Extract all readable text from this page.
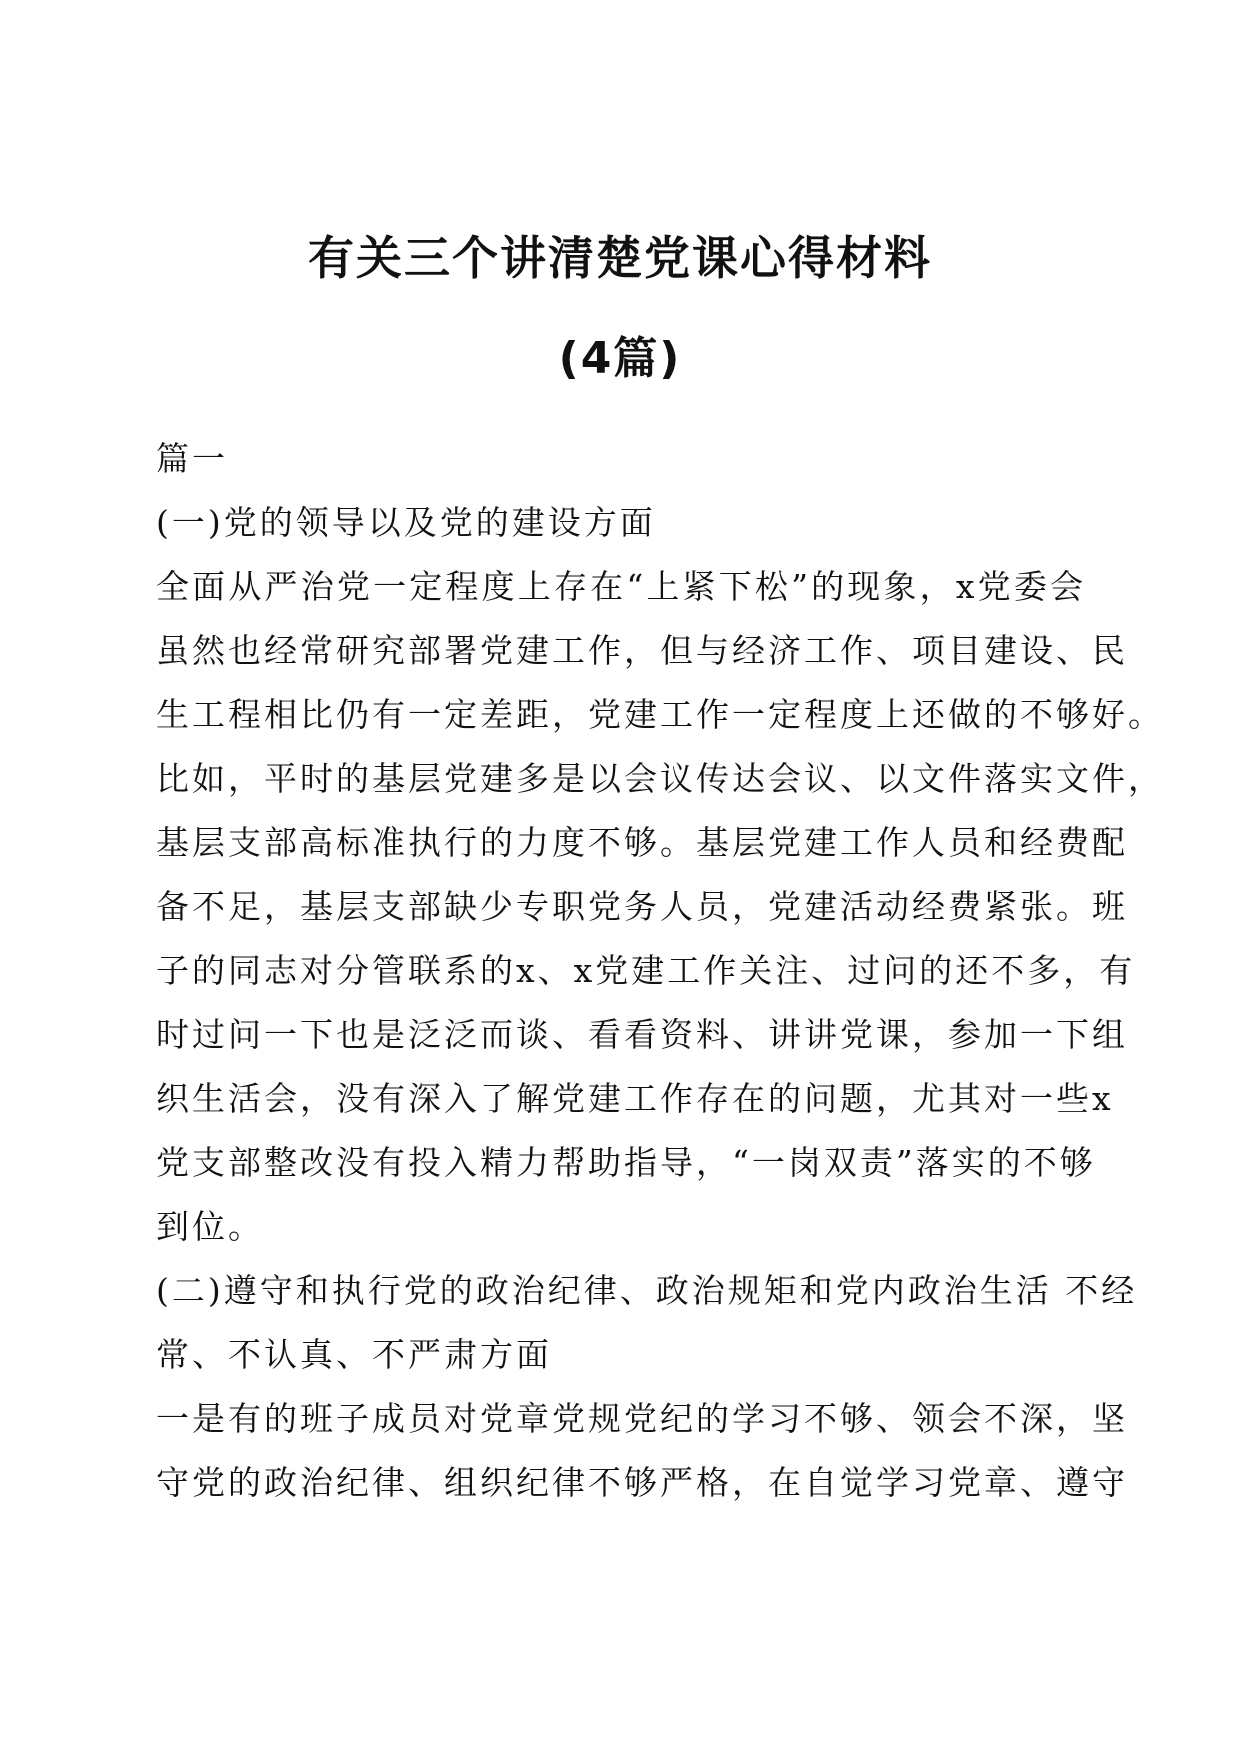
有关三个讲清楚党课心得材料
(4篇)
篇一
(一)党的领导以及党的建设方面
全面从严治党一定程度上存在“上紧下松”的现象，x党委会
虽然也经常研究部署党建工作，但与经济工作、项目建设、民
生工程相比仍有一定差距，党建工作一定程度上还做的不够好。
比如，平时的基层党建多是以会议传达会议、以文件落实文件，
基层支部高标准执行的力度不够。基层党建工作人员和经费配
备不足，基层支部缺少专职党务人员，党建活动经费紧张。班
子的同志对分管联系的x、x党建工作关注、过问的还不多，有
时过问一下也是泛泛而谈、看看资料、讲讲党课，参加一下组
织生活会，没有深入了解党建工作存在的问题，尤其对一些x
党支部整改没有投入精力帮助指导，“一岗双责”落实的不够
到位。
(二)遵守和执行党的政治纪律、政治规矩和党内政治生活 不经
常、不认真、不严肃方面
一是有的班子成员对党章党规党纪的学习不够、领会不深，坚
守党的政治纪律、组织纪律不够严格，在自觉学习党章、遵守
